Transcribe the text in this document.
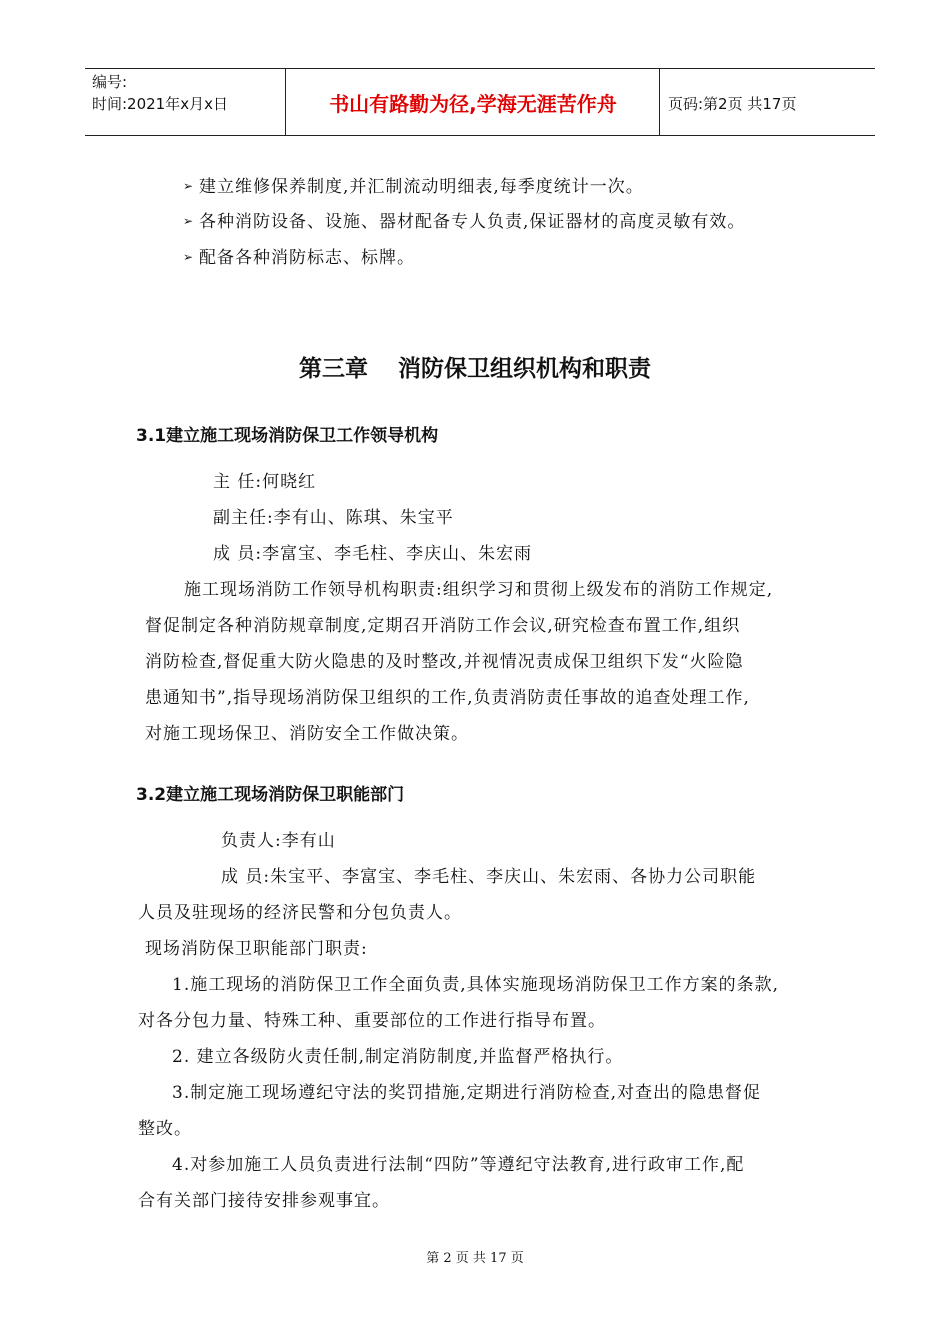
编号:
时间:2021年x月x日	书山有路勤为径,学海无涯苦作舟	页码:第2页 共17页
➢ 建立维修保养制度,并汇制流动明细表,每季度统计一次。
➢ 各种消防设备、设施、器材配备专人负责,保证器材的高度灵敏有效。
➢ 配备各种消防标志、标牌。
第三章 消防保卫组织机构和职责
3.1建立施工现场消防保卫工作领导机构
主 任:何晓红
副主任:李有山、陈琪、朱宝平
成 员:李富宝、李毛柱、李庆山、朱宏雨
施工现场消防工作领导机构职责:组织学习和贯彻上级发布的消防工作规定,
督促制定各种消防规章制度,定期召开消防工作会议,研究检查布置工作,组织
消防检查,督促重大防火隐患的及时整改,并视情况责成保卫组织下发“火险隐
患通知书”,指导现场消防保卫组织的工作,负责消防责任事故的追查处理工作,
对施工现场保卫、消防安全工作做决策。
3.2建立施工现场消防保卫职能部门
负责人:李有山
成 员:朱宝平、李富宝、李毛柱、李庆山、朱宏雨、各协力公司职能
人员及驻现场的经济民警和分包负责人。
现场消防保卫职能部门职责:
1.施工现场的消防保卫工作全面负责,具体实施现场消防保卫工作方案的条款,
对各分包力量、特殊工种、重要部位的工作进行指导布置。
2. 建立各级防火责任制,制定消防制度,并监督严格执行。
3.制定施工现场遵纪守法的奖罚措施,定期进行消防检查,对查出的隐患督促
整改。
4.对参加施工人员负责进行法制“四防”等遵纪守法教育,进行政审工作,配
合有关部门接待安排参观事宜。
第 2 页 共 17 页
